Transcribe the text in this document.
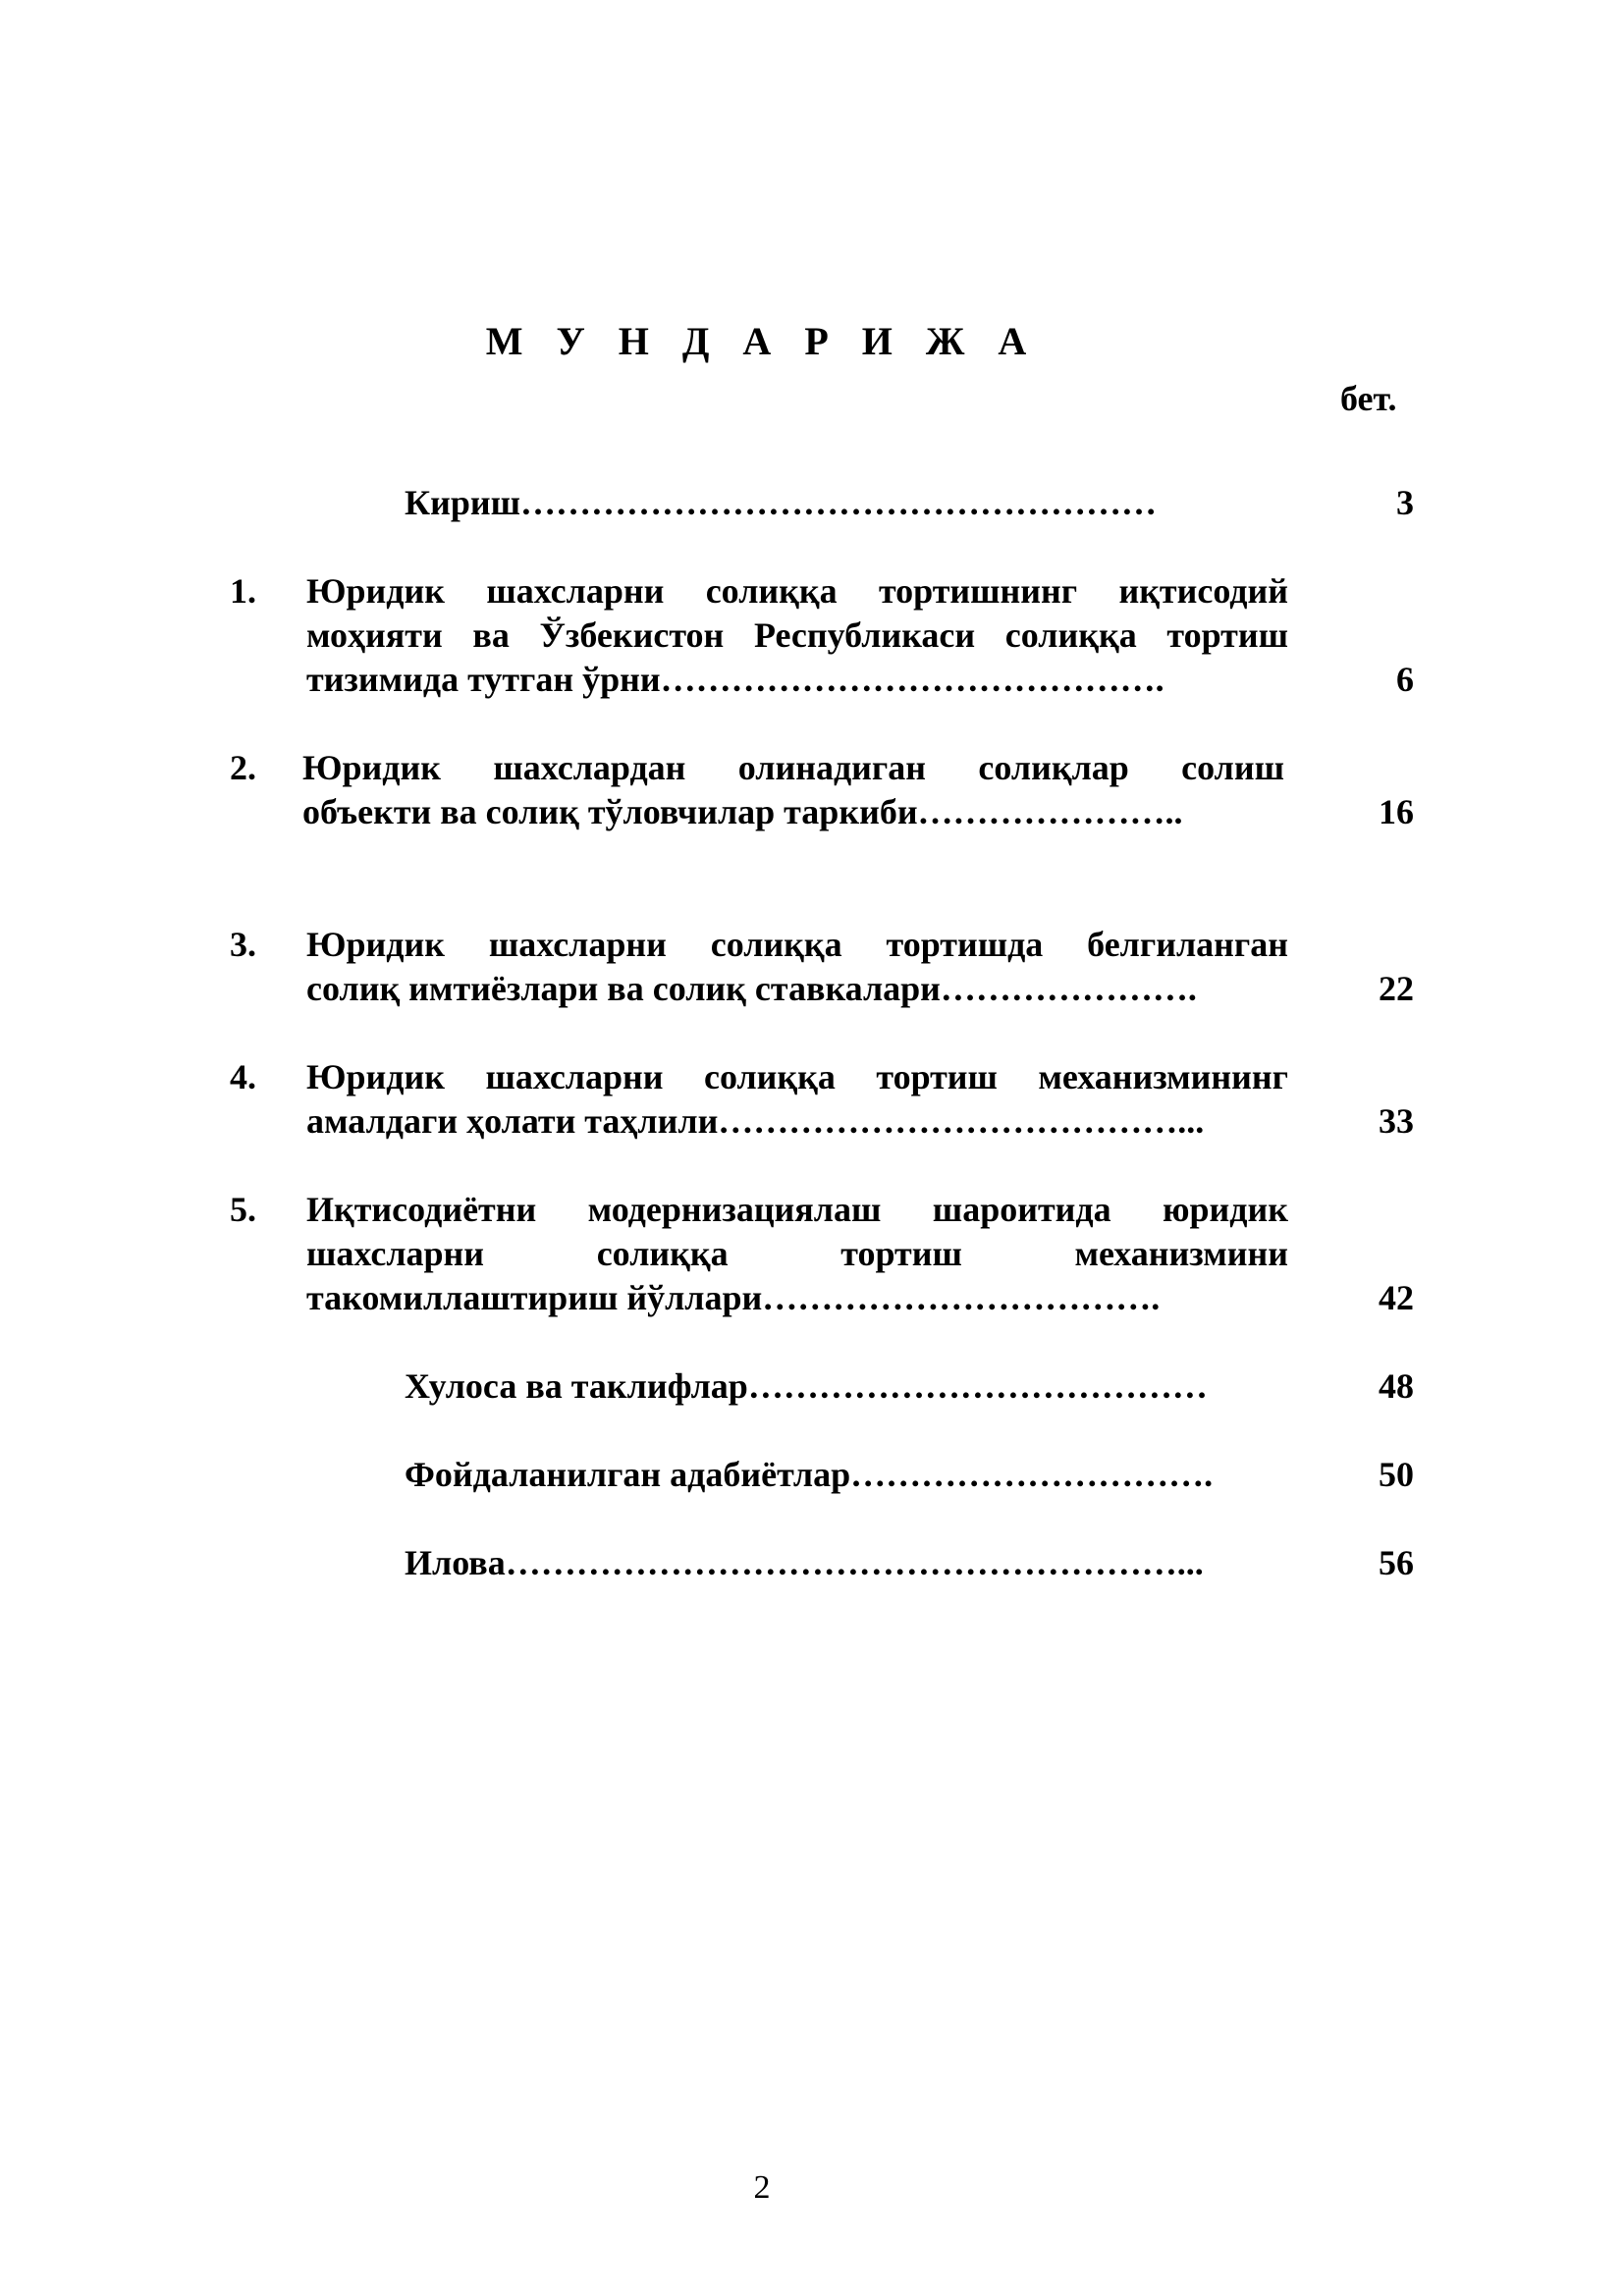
М У Н Д А Р И Ж А
бет.
Кириш………………………………………………	3
1. Юридик шахсларни солиққа тортишнинг иқтисодий
моҳияти ва Ўзбекистон Республикаси солиққа тортиш
тизимида тутган ўрни…………………………………….	6
2. Юридик шахслардан олинадиган солиқлар солиш
объекти ва солиқ тўловчилар таркиби…………………..	16
3. Юридик шахсларни солиққа тортишда белгиланган
солиқ имтиёзлари ва солиқ ставкалари………………….	22
4. Юридик шахсларни солиққа тортиш механизмининг
амалдаги ҳолати таҳлили…………………………………...	33
5. Иқтисодиётни модернизациялаш шароитида юридик
шахсларни солиққа тортиш механизмини
такомиллаштириш йўллари…………………………….	42
Хулоса ва таклифлар…………………………………	48
Фойдаланилган адабиётлар………………………….	50
Илова…………………………………………………...	56
2
